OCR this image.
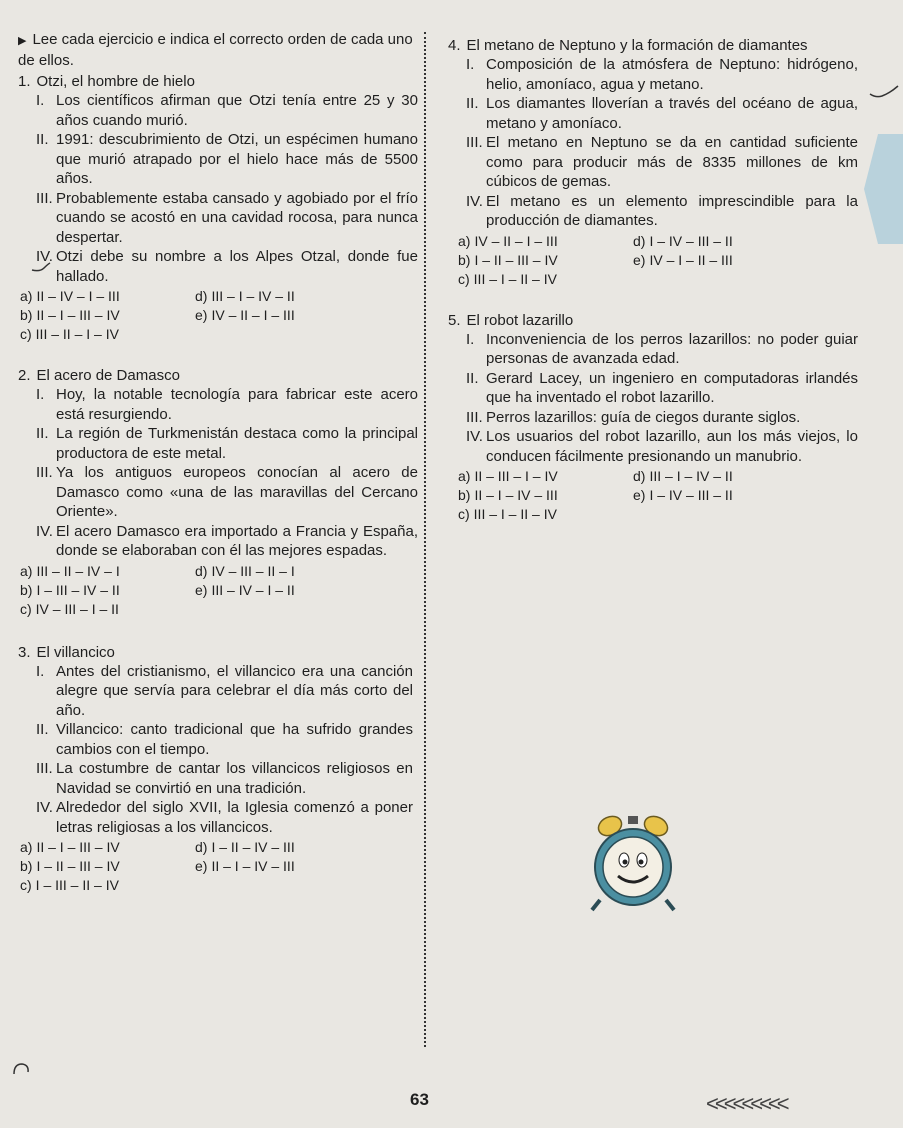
▶ Lee cada ejercicio e indica el correcto orden de cada uno de ellos.
1. Otzi, el hombre de hielo
I. Los científicos afirman que Otzi tenía entre 25 y 30 años cuando murió.
II. 1991: descubrimiento de Otzi, un espécimen humano que murió atrapado por el hielo hace más de 5500 años.
III. Probablemente estaba cansado y agobiado por el frío cuando se acostó en una cavidad rocosa, para nunca despertar.
IV. Otzi debe su nombre a los Alpes Otzal, donde fue hallado.
a) II – IV – I – III	d) III – I – IV – II
b) II – I – III – IV	e) IV – II – I – III
c) III – II – I – IV
2. El acero de Damasco
I. Hoy, la notable tecnología para fabricar este acero está resurgiendo.
II. La región de Turkmenistán destaca como la principal productora de este metal.
III. Ya los antiguos europeos conocían al acero de Damasco como «una de las maravillas del Cercano Oriente».
IV. El acero Damasco era importado a Francia y España, donde se elaboraban con él las mejores espadas.
a) III – II – IV – I	d) IV – III – II – I
b) I – III – IV – II	e) III – IV – I – II
c) IV – III – I – II
3. El villancico
I. Antes del cristianismo, el villancico era una canción alegre que servía para celebrar el día más corto del año.
II. Villancico: canto tradicional que ha sufrido grandes cambios con el tiempo.
III. La costumbre de cantar los villancicos religiosos en Navidad se convirtió en una tradición.
IV. Alrededor del siglo XVII, la Iglesia comenzó a poner letras religiosas a los villancicos.
a) II – I – III – IV	d) I – II – IV – III
b) I – II – III – IV	e) II – I – IV – III
c) I – III – II – IV
4. El metano de Neptuno y la formación de diamantes
I. Composición de la atmósfera de Neptuno: hidrógeno, helio, amoníaco, agua y metano.
II. Los diamantes lloverían a través del océano de agua, metano y amoníaco.
III. El metano en Neptuno se da en cantidad suficiente como para producir más de 8335 millones de km cúbicos de gemas.
IV. El metano es un elemento imprescindible para la producción de diamantes.
a) IV – II – I – III	d) I – IV – III – II
b) I – II – III – IV	e) IV – I – II – III
c) III – I – II – IV
5. El robot lazarillo
I. Inconveniencia de los perros lazarillos: no poder guiar personas de avanzada edad.
II. Gerard Lacey, un ingeniero en computadoras irlandés que ha inventado el robot lazarillo.
III. Perros lazarillos: guía de ciegos durante siglos.
IV. Los usuarios del robot lazarillo, aun los más viejos, lo conducen fácilmente presionando un manubrio.
a) II – III – I – IV	d) III – I – IV – II
b) II – I – IV – III	e) I – IV – III – II
c) III – I – II – IV
63	<<<<<<<<<
